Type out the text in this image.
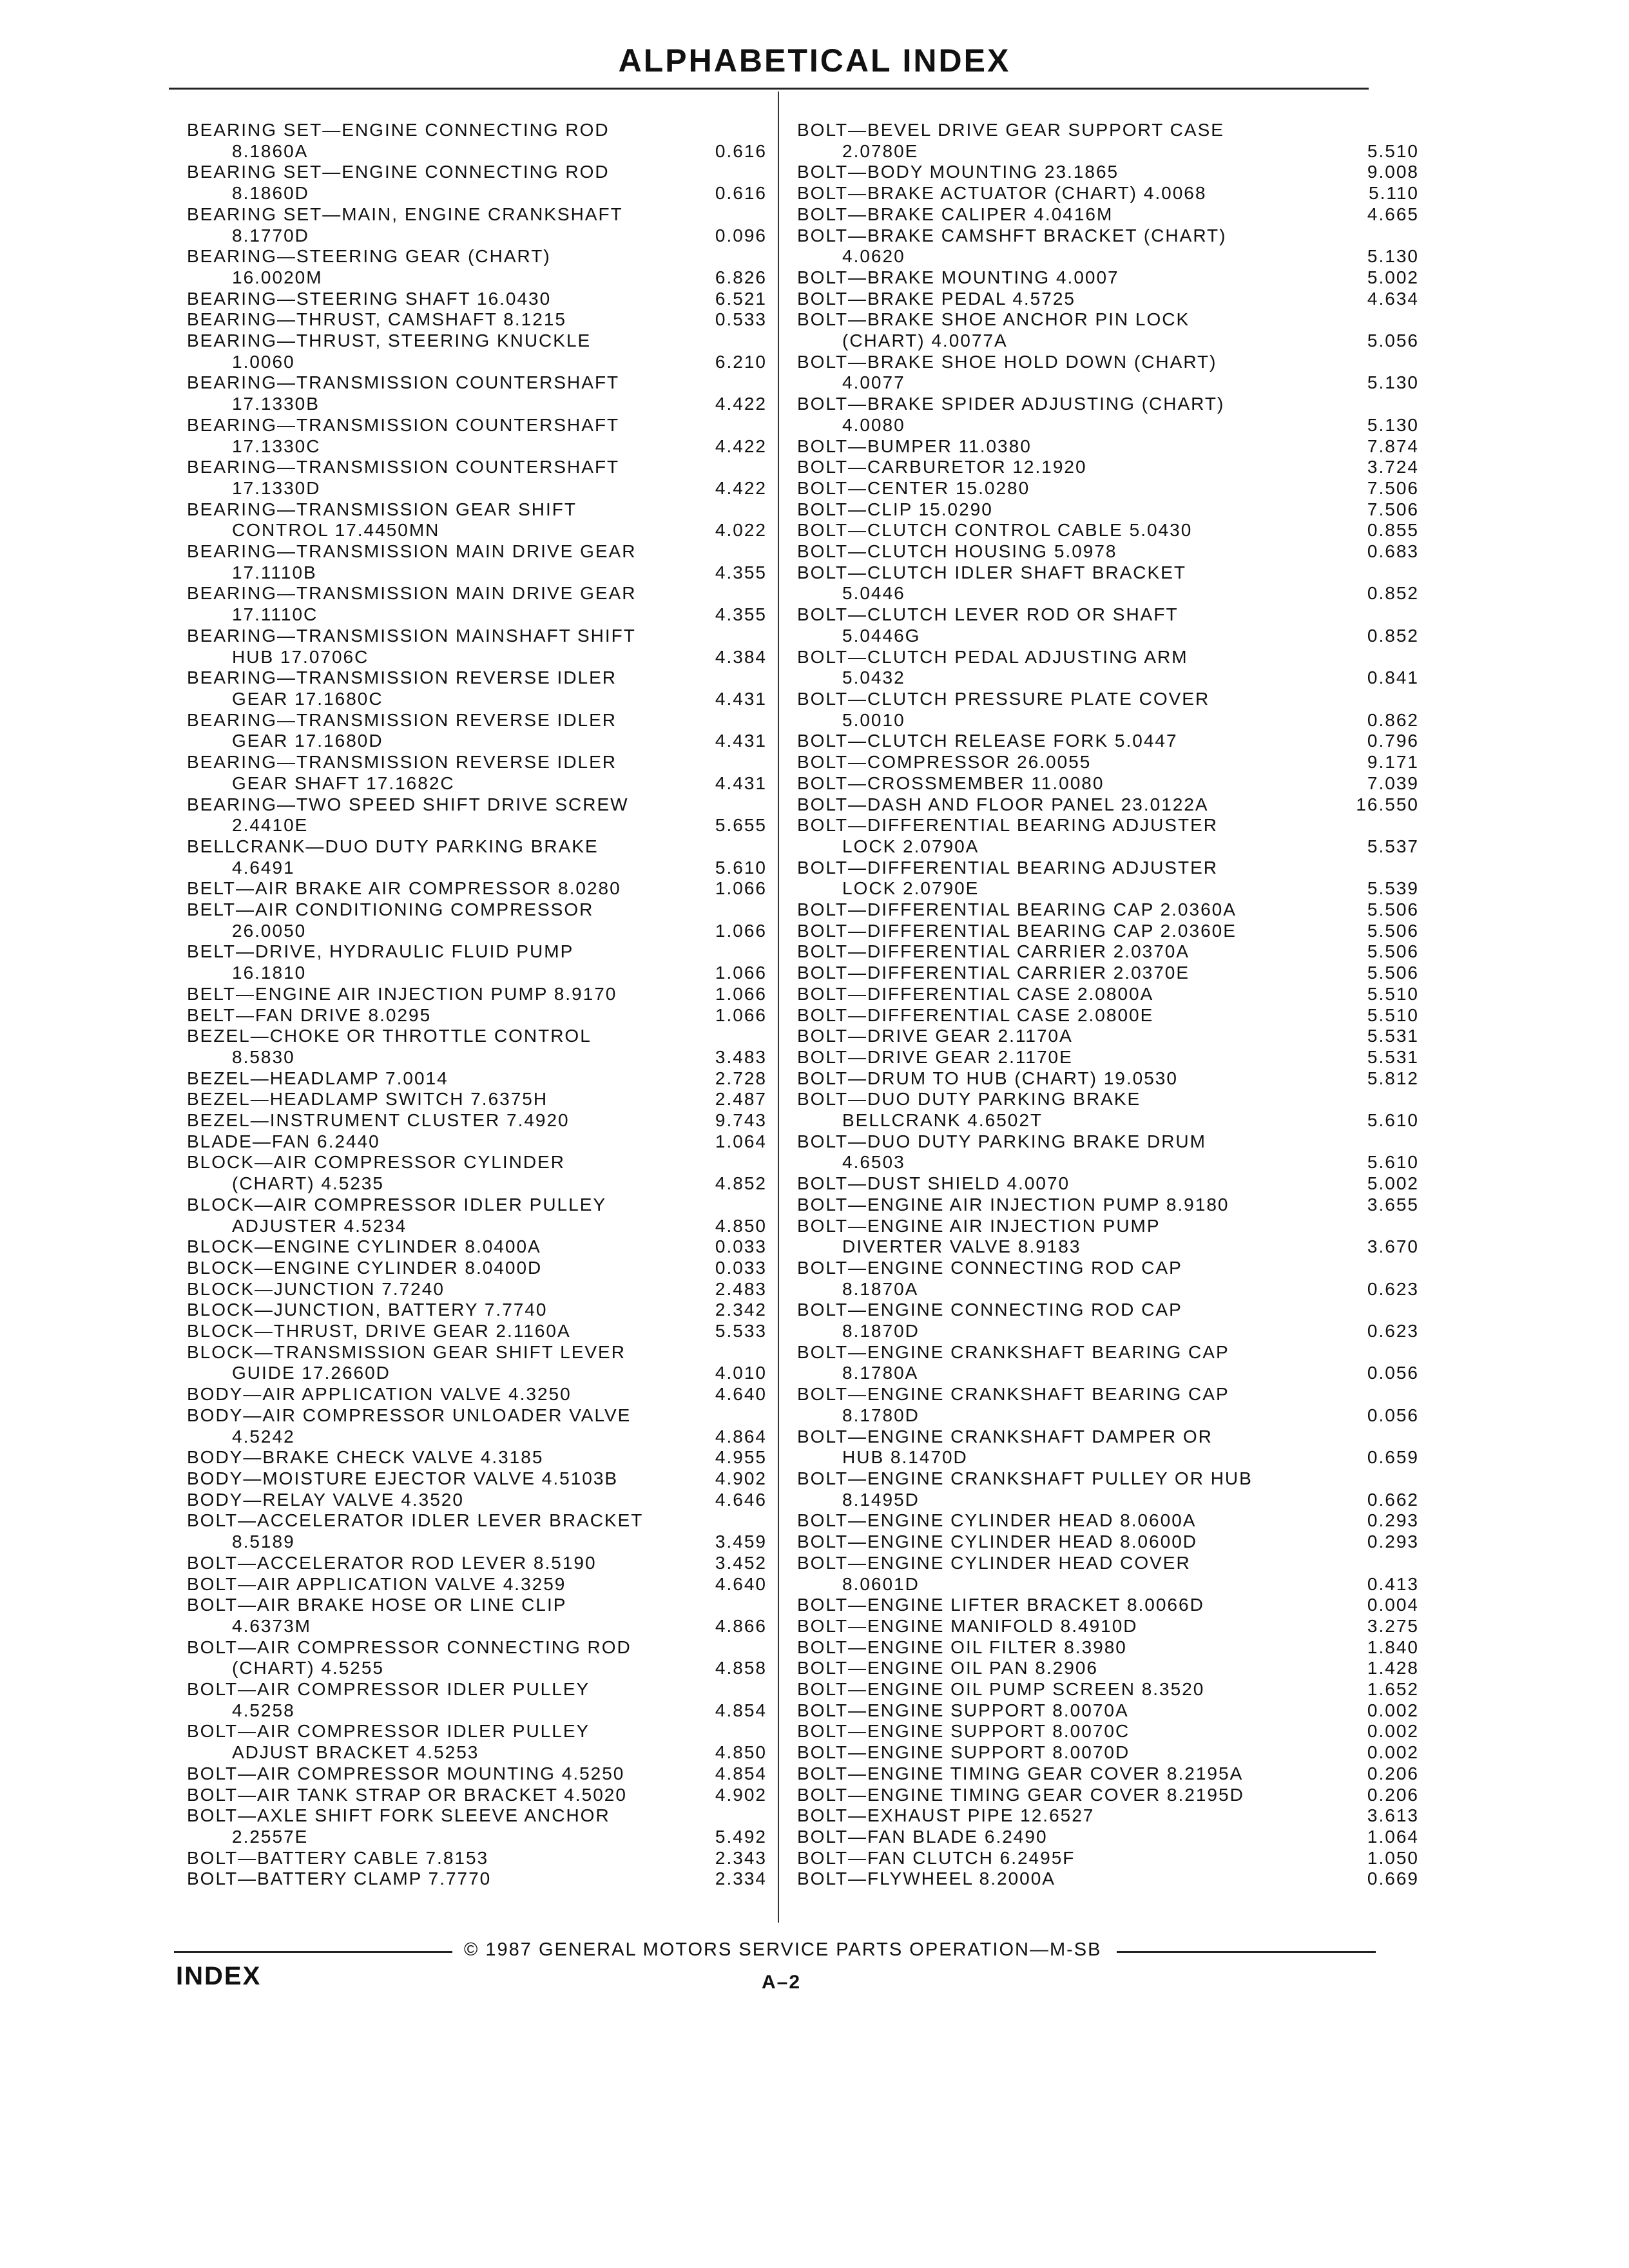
ALPHABETICAL INDEX
BEARING SET—ENGINE CONNECTING ROD
8.1860A	0.616
BEARING SET—ENGINE CONNECTING ROD
8.1860D	0.616
BEARING SET—MAIN, ENGINE CRANKSHAFT
8.1770D	0.096
BEARING—STEERING GEAR (CHART)
16.0020M	6.826
BEARING—STEERING SHAFT 16.0430	6.521
BEARING—THRUST, CAMSHAFT 8.1215	0.533
BEARING—THRUST, STEERING KNUCKLE
1.0060	6.210
BEARING—TRANSMISSION COUNTERSHAFT
17.1330B	4.422
BEARING—TRANSMISSION COUNTERSHAFT
17.1330C	4.422
BEARING—TRANSMISSION COUNTERSHAFT
17.1330D	4.422
BEARING—TRANSMISSION GEAR SHIFT
CONTROL 17.4450MN	4.022
BEARING—TRANSMISSION MAIN DRIVE GEAR
17.1110B	4.355
BEARING—TRANSMISSION MAIN DRIVE GEAR
17.1110C	4.355
BEARING—TRANSMISSION MAINSHAFT SHIFT
HUB 17.0706C	4.384
BEARING—TRANSMISSION REVERSE IDLER
GEAR 17.1680C	4.431
BEARING—TRANSMISSION REVERSE IDLER
GEAR 17.1680D	4.431
BEARING—TRANSMISSION REVERSE IDLER
GEAR SHAFT 17.1682C	4.431
BEARING—TWO SPEED SHIFT DRIVE SCREW
2.4410E	5.655
BELLCRANK—DUO DUTY PARKING BRAKE
4.6491	5.610
BELT—AIR BRAKE AIR COMPRESSOR 8.0280	1.066
BELT—AIR CONDITIONING COMPRESSOR
26.0050	1.066
BELT—DRIVE, HYDRAULIC FLUID PUMP
16.1810	1.066
BELT—ENGINE AIR INJECTION PUMP 8.9170	1.066
BELT—FAN DRIVE 8.0295	1.066
BEZEL—CHOKE OR THROTTLE CONTROL
8.5830	3.483
BEZEL—HEADLAMP 7.0014	2.728
BEZEL—HEADLAMP SWITCH 7.6375H	2.487
BEZEL—INSTRUMENT CLUSTER 7.4920	9.743
BLADE—FAN 6.2440	1.064
BLOCK—AIR COMPRESSOR CYLINDER
(CHART) 4.5235	4.852
BLOCK—AIR COMPRESSOR IDLER PULLEY
ADJUSTER 4.5234	4.850
BLOCK—ENGINE CYLINDER 8.0400A	0.033
BLOCK—ENGINE CYLINDER 8.0400D	0.033
BLOCK—JUNCTION 7.7240	2.483
BLOCK—JUNCTION, BATTERY 7.7740	2.342
BLOCK—THRUST, DRIVE GEAR 2.1160A	5.533
BLOCK—TRANSMISSION GEAR SHIFT LEVER
GUIDE 17.2660D	4.010
BODY—AIR APPLICATION VALVE 4.3250	4.640
BODY—AIR COMPRESSOR UNLOADER VALVE
4.5242	4.864
BODY—BRAKE CHECK VALVE 4.3185	4.955
BODY—MOISTURE EJECTOR VALVE 4.5103B	4.902
BODY—RELAY VALVE 4.3520	4.646
BOLT—ACCELERATOR IDLER LEVER BRACKET
8.5189	3.459
BOLT—ACCELERATOR ROD LEVER 8.5190	3.452
BOLT—AIR APPLICATION VALVE 4.3259	4.640
BOLT—AIR BRAKE HOSE OR LINE CLIP
4.6373M	4.866
BOLT—AIR COMPRESSOR CONNECTING ROD
(CHART) 4.5255	4.858
BOLT—AIR COMPRESSOR IDLER PULLEY
4.5258	4.854
BOLT—AIR COMPRESSOR IDLER PULLEY
ADJUST BRACKET 4.5253	4.850
BOLT—AIR COMPRESSOR MOUNTING 4.5250	4.854
BOLT—AIR TANK STRAP OR BRACKET 4.5020	4.902
BOLT—AXLE SHIFT FORK SLEEVE ANCHOR
2.2557E	5.492
BOLT—BATTERY CABLE 7.8153	2.343
BOLT—BATTERY CLAMP 7.7770	2.334
BOLT—BEVEL DRIVE GEAR SUPPORT CASE
2.0780E	5.510
BOLT—BODY MOUNTING 23.1865	9.008
BOLT—BRAKE ACTUATOR (CHART) 4.0068	5.110
BOLT—BRAKE CALIPER 4.0416M	4.665
BOLT—BRAKE CAMSHFT BRACKET (CHART)
4.0620	5.130
BOLT—BRAKE MOUNTING 4.0007	5.002
BOLT—BRAKE PEDAL 4.5725	4.634
BOLT—BRAKE SHOE ANCHOR PIN LOCK
(CHART) 4.0077A	5.056
BOLT—BRAKE SHOE HOLD DOWN (CHART)
4.0077	5.130
BOLT—BRAKE SPIDER ADJUSTING (CHART)
4.0080	5.130
BOLT—BUMPER 11.0380	7.874
BOLT—CARBURETOR 12.1920	3.724
BOLT—CENTER 15.0280	7.506
BOLT—CLIP 15.0290	7.506
BOLT—CLUTCH CONTROL CABLE 5.0430	0.855
BOLT—CLUTCH HOUSING 5.0978	0.683
BOLT—CLUTCH IDLER SHAFT BRACKET
5.0446	0.852
BOLT—CLUTCH LEVER ROD OR SHAFT
5.0446G	0.852
BOLT—CLUTCH PEDAL ADJUSTING ARM
5.0432	0.841
BOLT—CLUTCH PRESSURE PLATE COVER
5.0010	0.862
BOLT—CLUTCH RELEASE FORK 5.0447	0.796
BOLT—COMPRESSOR 26.0055	9.171
BOLT—CROSSMEMBER 11.0080	7.039
BOLT—DASH AND FLOOR PANEL 23.0122A	16.550
BOLT—DIFFERENTIAL BEARING ADJUSTER
LOCK 2.0790A	5.537
BOLT—DIFFERENTIAL BEARING ADJUSTER
LOCK 2.0790E	5.539
BOLT—DIFFERENTIAL BEARING CAP 2.0360A	5.506
BOLT—DIFFERENTIAL BEARING CAP 2.0360E	5.506
BOLT—DIFFERENTIAL CARRIER 2.0370A	5.506
BOLT—DIFFERENTIAL CARRIER 2.0370E	5.506
BOLT—DIFFERENTIAL CASE 2.0800A	5.510
BOLT—DIFFERENTIAL CASE 2.0800E	5.510
BOLT—DRIVE GEAR 2.1170A	5.531
BOLT—DRIVE GEAR 2.1170E	5.531
BOLT—DRUM TO HUB (CHART) 19.0530	5.812
BOLT—DUO DUTY PARKING BRAKE
BELLCRANK 4.6502T	5.610
BOLT—DUO DUTY PARKING BRAKE DRUM
4.6503	5.610
BOLT—DUST SHIELD 4.0070	5.002
BOLT—ENGINE AIR INJECTION PUMP 8.9180	3.655
BOLT—ENGINE AIR INJECTION PUMP
DIVERTER VALVE 8.9183	3.670
BOLT—ENGINE CONNECTING ROD CAP
8.1870A	0.623
BOLT—ENGINE CONNECTING ROD CAP
8.1870D	0.623
BOLT—ENGINE CRANKSHAFT BEARING CAP
8.1780A	0.056
BOLT—ENGINE CRANKSHAFT BEARING CAP
8.1780D	0.056
BOLT—ENGINE CRANKSHAFT DAMPER OR
HUB 8.1470D	0.659
BOLT—ENGINE CRANKSHAFT PULLEY OR HUB
8.1495D	0.662
BOLT—ENGINE CYLINDER HEAD 8.0600A	0.293
BOLT—ENGINE CYLINDER HEAD 8.0600D	0.293
BOLT—ENGINE CYLINDER HEAD COVER
8.0601D	0.413
BOLT—ENGINE LIFTER BRACKET 8.0066D	0.004
BOLT—ENGINE MANIFOLD 8.4910D	3.275
BOLT—ENGINE OIL FILTER 8.3980	1.840
BOLT—ENGINE OIL PAN 8.2906	1.428
BOLT—ENGINE OIL PUMP SCREEN 8.3520	1.652
BOLT—ENGINE SUPPORT 8.0070A	0.002
BOLT—ENGINE SUPPORT 8.0070C	0.002
BOLT—ENGINE SUPPORT 8.0070D	0.002
BOLT—ENGINE TIMING GEAR COVER 8.2195A	0.206
BOLT—ENGINE TIMING GEAR COVER 8.2195D	0.206
BOLT—EXHAUST PIPE 12.6527	3.613
BOLT—FAN BLADE 6.2490	1.064
BOLT—FAN CLUTCH 6.2495F	1.050
BOLT—FLYWHEEL 8.2000A	0.669
© 1987 GENERAL MOTORS SERVICE PARTS OPERATION—M-SB
INDEX	A–2
